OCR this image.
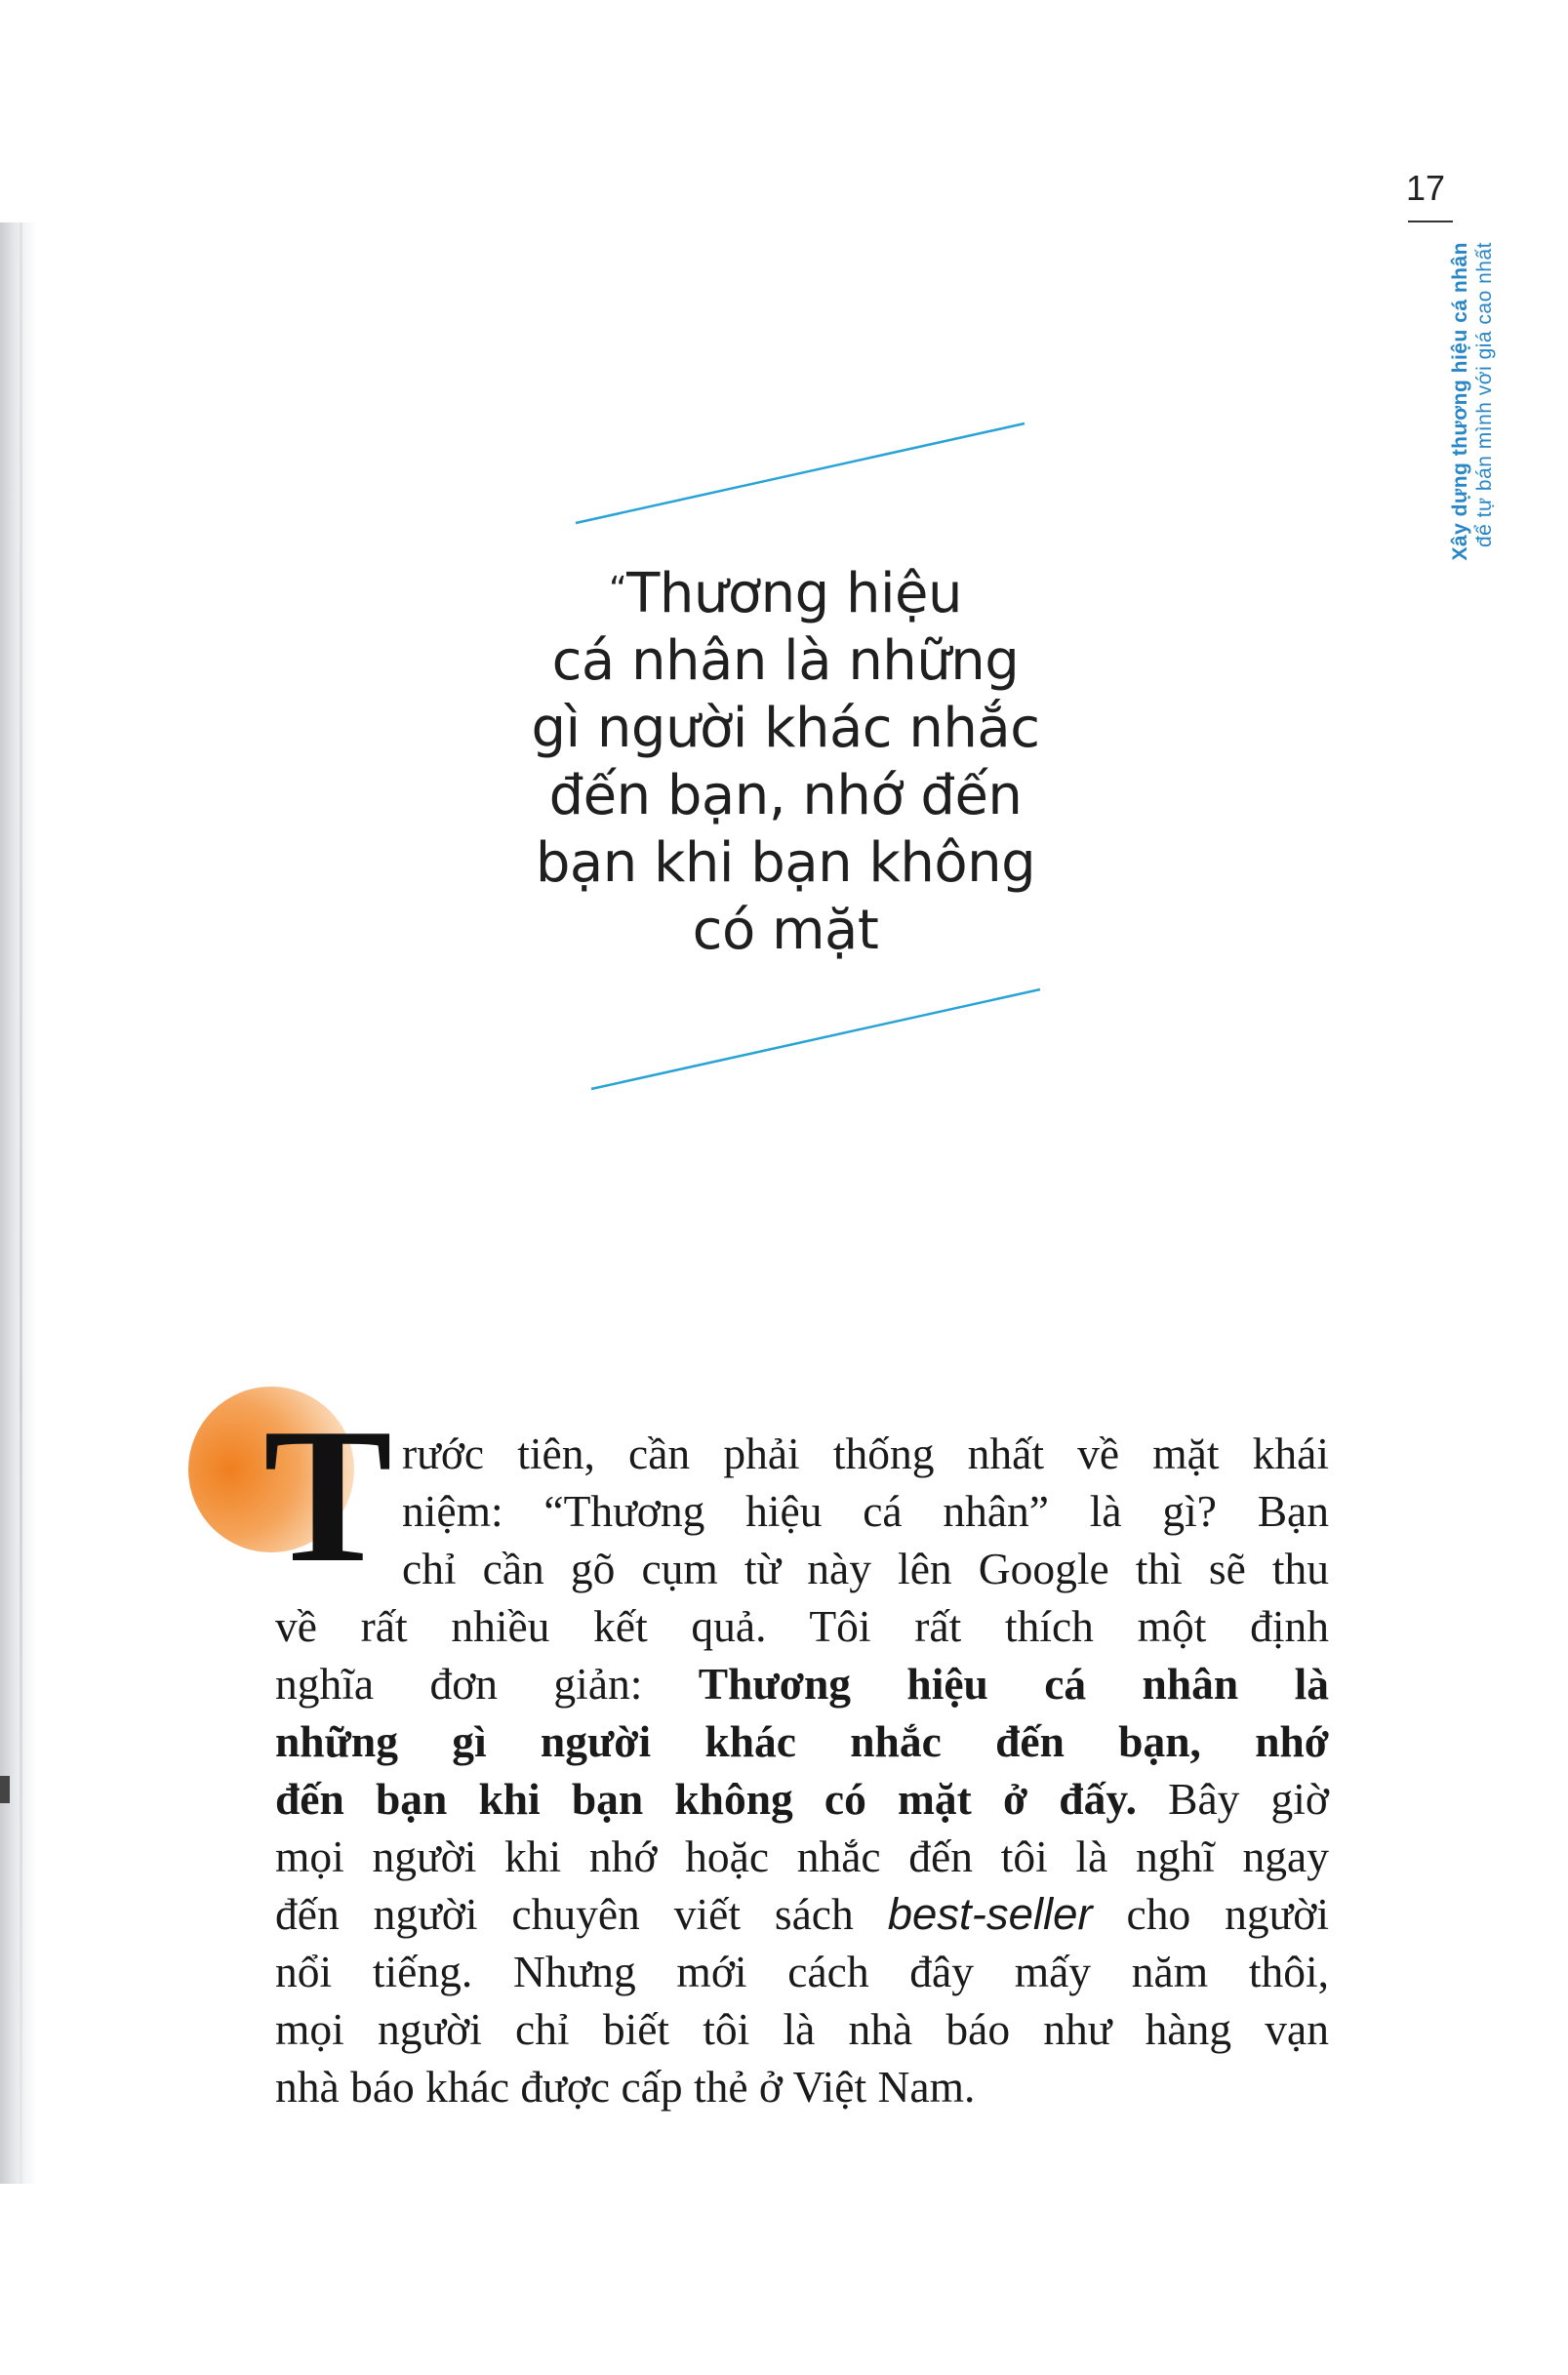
17
Xây dựng thương hiệu cá nhân để tự bán mình với giá cao nhất
“Thương hiệu
cá nhân là những
gì người khác nhắc
đến bạn, nhớ đến
bạn khi bạn không
có mặt
T rước tiên, cần phải thống nhất về mặt khái
niệm: “Thương hiệu cá nhân” là gì? Bạn
chỉ cần gõ cụm từ này lên Google thì sẽ thu
về rất nhiều kết quả. Tôi rất thích một định
nghĩa đơn giản: Thương hiệu cá nhân là
những gì người khác nhắc đến bạn, nhớ
đến bạn khi bạn không có mặt ở đấy. Bây giờ
mọi người khi nhớ hoặc nhắc đến tôi là nghĩ ngay
đến người chuyên viết sách best-seller cho người
nổi tiếng. Nhưng mới cách đây mấy năm thôi,
mọi người chỉ biết tôi là nhà báo như hàng vạn
nhà báo khác được cấp thẻ ở Việt Nam.
